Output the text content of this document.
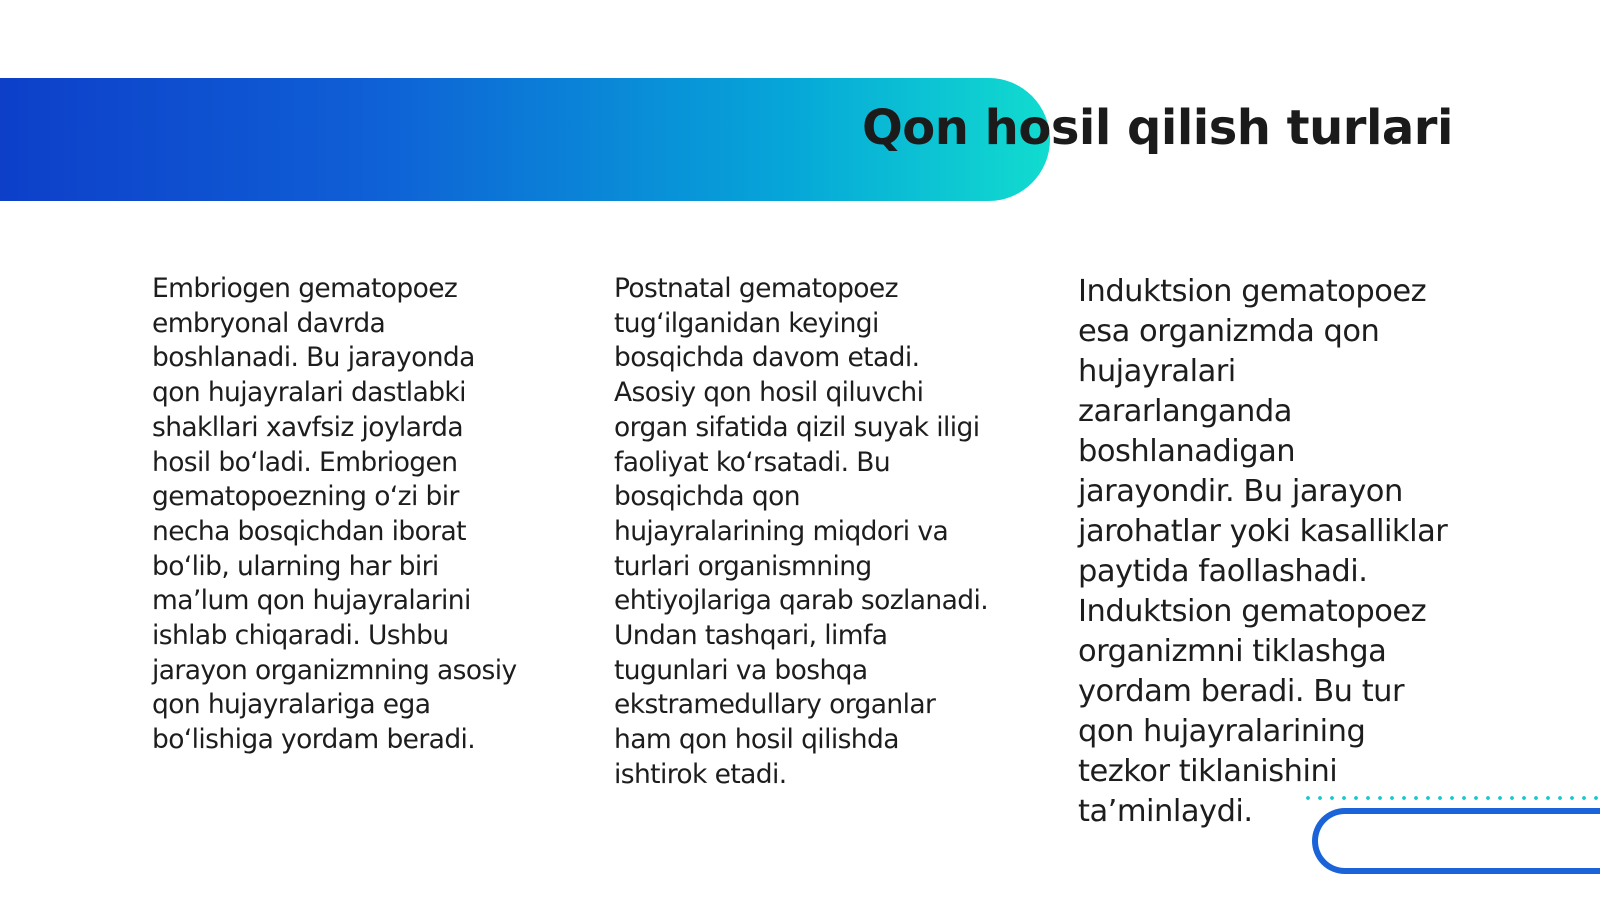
Qon hosil qilish turlari

Embriogen gematopoez embryonal davrda boshlanadi. Bu jarayonda qon hujayralari dastlabki shakllari xavfsiz joylarda hosil bo‘ladi. Embriogen gematopoezning o‘zi bir necha bosqichdan iborat bo‘lib, ularning har biri ma’lum qon hujayralarini ishlab chiqaradi. Ushbu jarayon organizmning asosiy qon hujayralariga ega bo‘lishiga yordam beradi.

Postnatal gematopoez tug‘ilganidan keyingi bosqichda davom etadi. Asosiy qon hosil qiluvchi organ sifatida qizil suyak iligi faoliyat ko‘rsatadi. Bu bosqichda qon hujayralarining miqdori va turlari organismning ehtiyojlariga qarab sozlanadi. Undan tashqari, limfa tugunlari va boshqa ekstramedullary organlar ham qon hosil qilishda ishtirok etadi.

Induktsion gematopoez esa organizmda qon hujayralari zararlanganda boshlanadigan jarayondir. Bu jarayon jarohatlar yoki kasalliklar paytida faollashadi. Induktsion gematopoez organizmni tiklashga yordam beradi. Bu tur qon hujayralarining tezkor tiklanishini ta’minlaydi.
